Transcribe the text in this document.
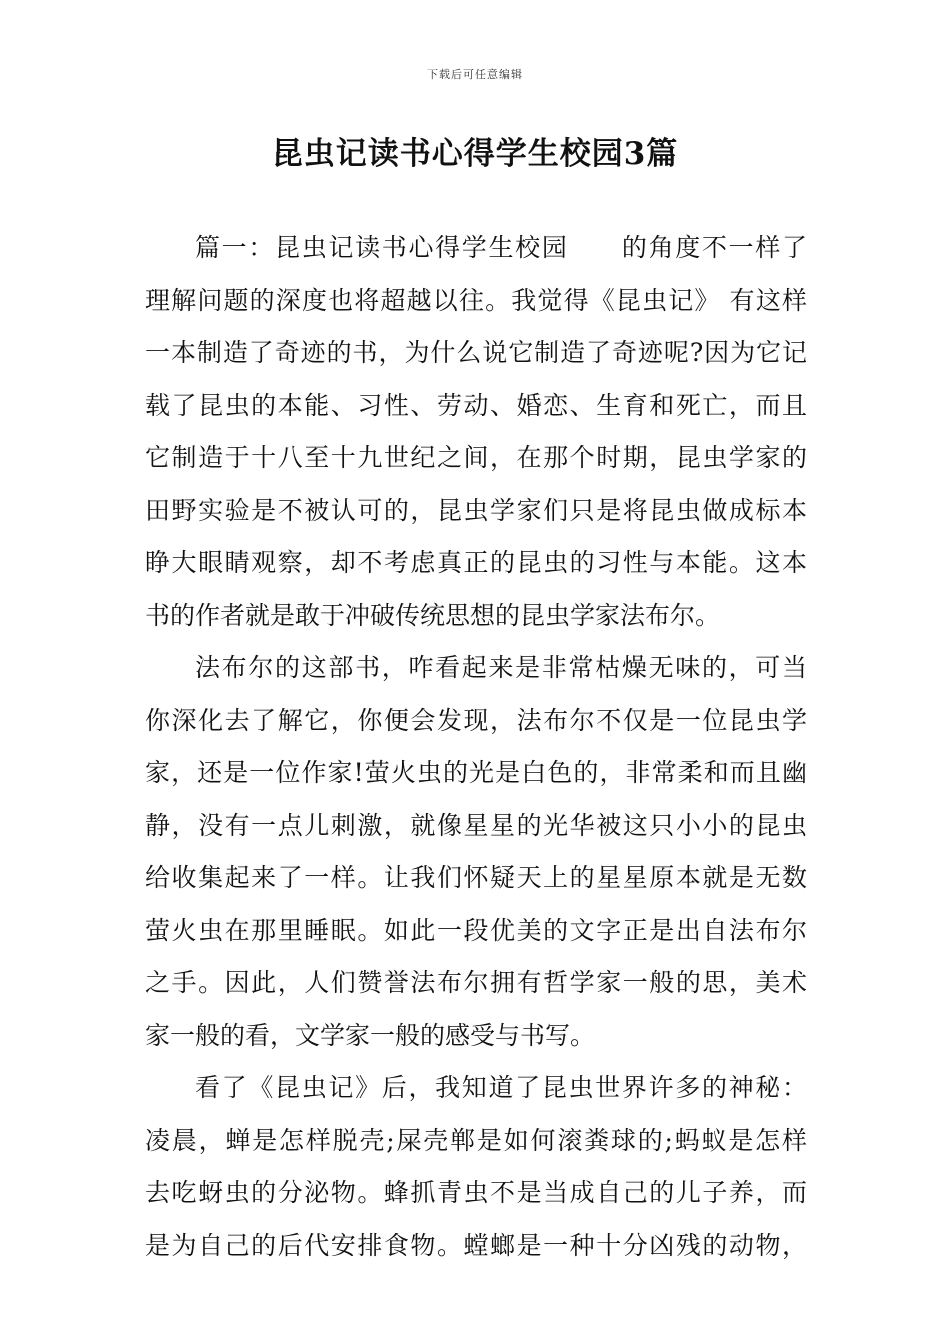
下载后可任意编辑
昆虫记读书心得学生校园3篇
篇一：昆虫记读书心得学生校园　　的角度不一样了
理解问题的深度也将超越以往。我觉得《昆虫记》 有这样
一本制造了奇迹的书，为什么说它制造了奇迹呢?因为它记
载了昆虫的本能、习性、劳动、婚恋、生育和死亡，而且
它制造于十八至十九世纪之间，在那个时期，昆虫学家的
田野实验是不被认可的，昆虫学家们只是将昆虫做成标本
睁大眼睛观察，却不考虑真正的昆虫的习性与本能。这本
书的作者就是敢于冲破传统思想的昆虫学家法布尔。
法布尔的这部书，咋看起来是非常枯燥无味的，可当
你深化去了解它，你便会发现，法布尔不仅是一位昆虫学
家，还是一位作家!萤火虫的光是白色的，非常柔和而且幽
静，没有一点儿刺激，就像星星的光华被这只小小的昆虫
给收集起来了一样。让我们怀疑天上的星星原本就是无数
萤火虫在那里睡眠。如此一段优美的文字正是出自法布尔
之手。因此，人们赞誉法布尔拥有哲学家一般的思，美术
家一般的看，文学家一般的感受与书写。
看了《昆虫记》后，我知道了昆虫世界许多的神秘：
凌晨，蝉是怎样脱壳;屎壳郸是如何滚粪球的;蚂蚁是怎样
去吃蚜虫的分泌物。蜂抓青虫不是当成自己的儿子养，而
是为自己的后代安排食物。螳螂是一种十分凶残的动物，
